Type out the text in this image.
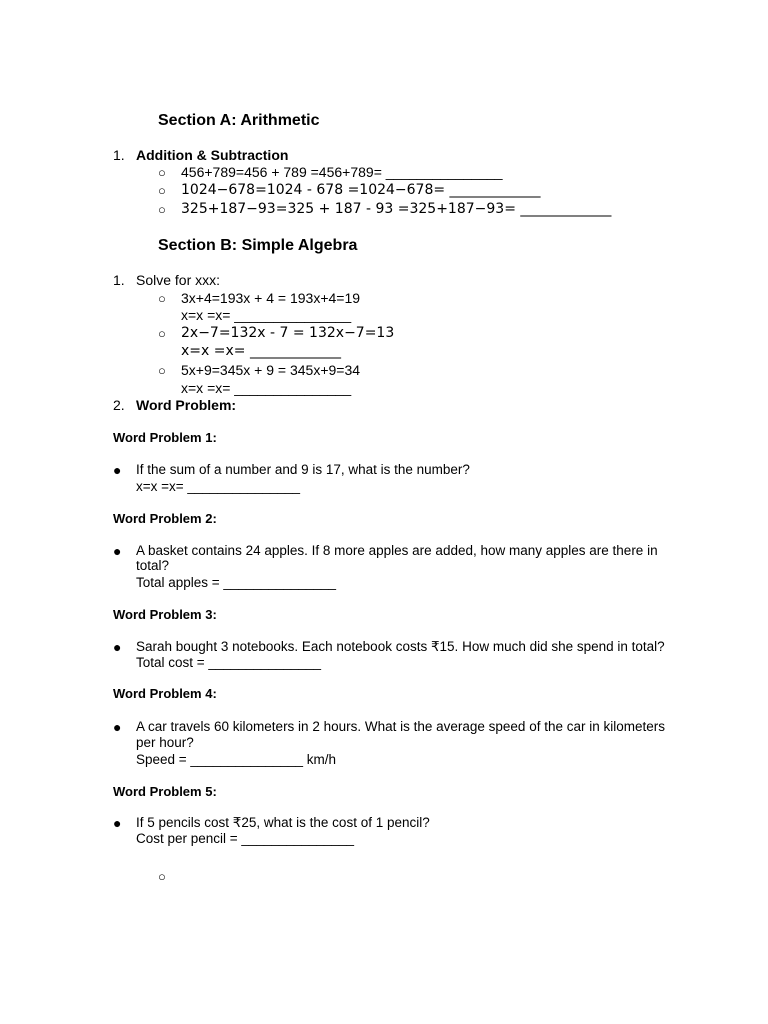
Section A: Arithmetic
1. Addition & Subtraction
○ 456+789=456 + 789 =456+789= _______________
○ 1024−678=1024 - 678 =1024−678= _____________
○ 325+187−93=325 + 187 - 93 =325+187−93= _____________
Section B: Simple Algebra
1. Solve for xxx:
○ 3x+4=193x + 4 = 193x+4=19
x=x =x= _______________
○ 2x−7=132x - 7 = 132x−7=13
x=x =x= _____________
○ 5x+9=345x + 9 = 345x+9=34
x=x =x= _______________
2. Word Problem:
Word Problem 1:
● If the sum of a number and 9 is 17, what is the number?
x=x =x= _______________
Word Problem 2:
● A basket contains 24 apples. If 8 more apples are added, how many apples are there in
total?
Total apples = _______________
Word Problem 3:
● Sarah bought 3 notebooks. Each notebook costs ₹15. How much did she spend in total?
Total cost = _______________
Word Problem 4:
● A car travels 60 kilometers in 2 hours. What is the average speed of the car in kilometers
per hour?
Speed = _______________ km/h
Word Problem 5:
● If 5 pencils cost ₹25, what is the cost of 1 pencil?
Cost per pencil = _______________
○
